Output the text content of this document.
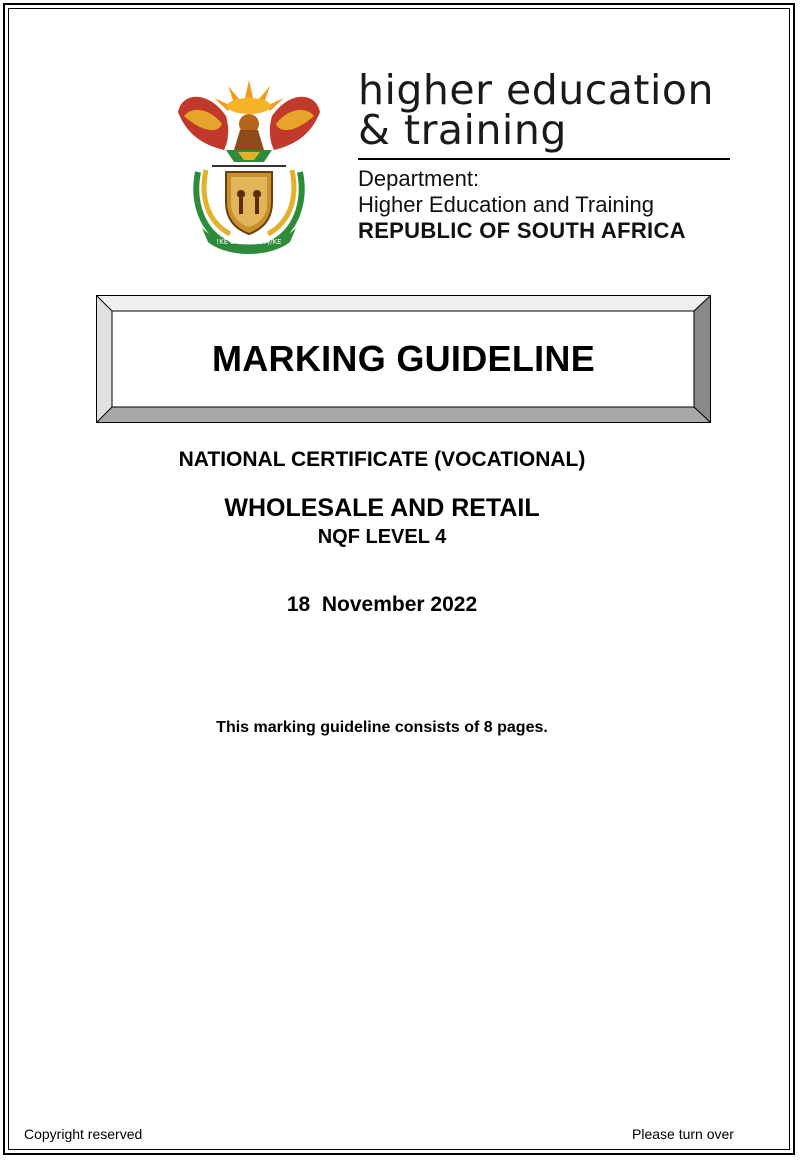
!KE E: /XARRA //KE
higher education
& training
Department:
Higher Education and Training
REPUBLIC OF SOUTH AFRICA
MARKING GUIDELINE
NATIONAL CERTIFICATE (VOCATIONAL)
WHOLESALE AND RETAIL
NQF LEVEL 4
18  November 2022
This marking guideline consists of 8 pages.
Copyright reserved	Please turn over
